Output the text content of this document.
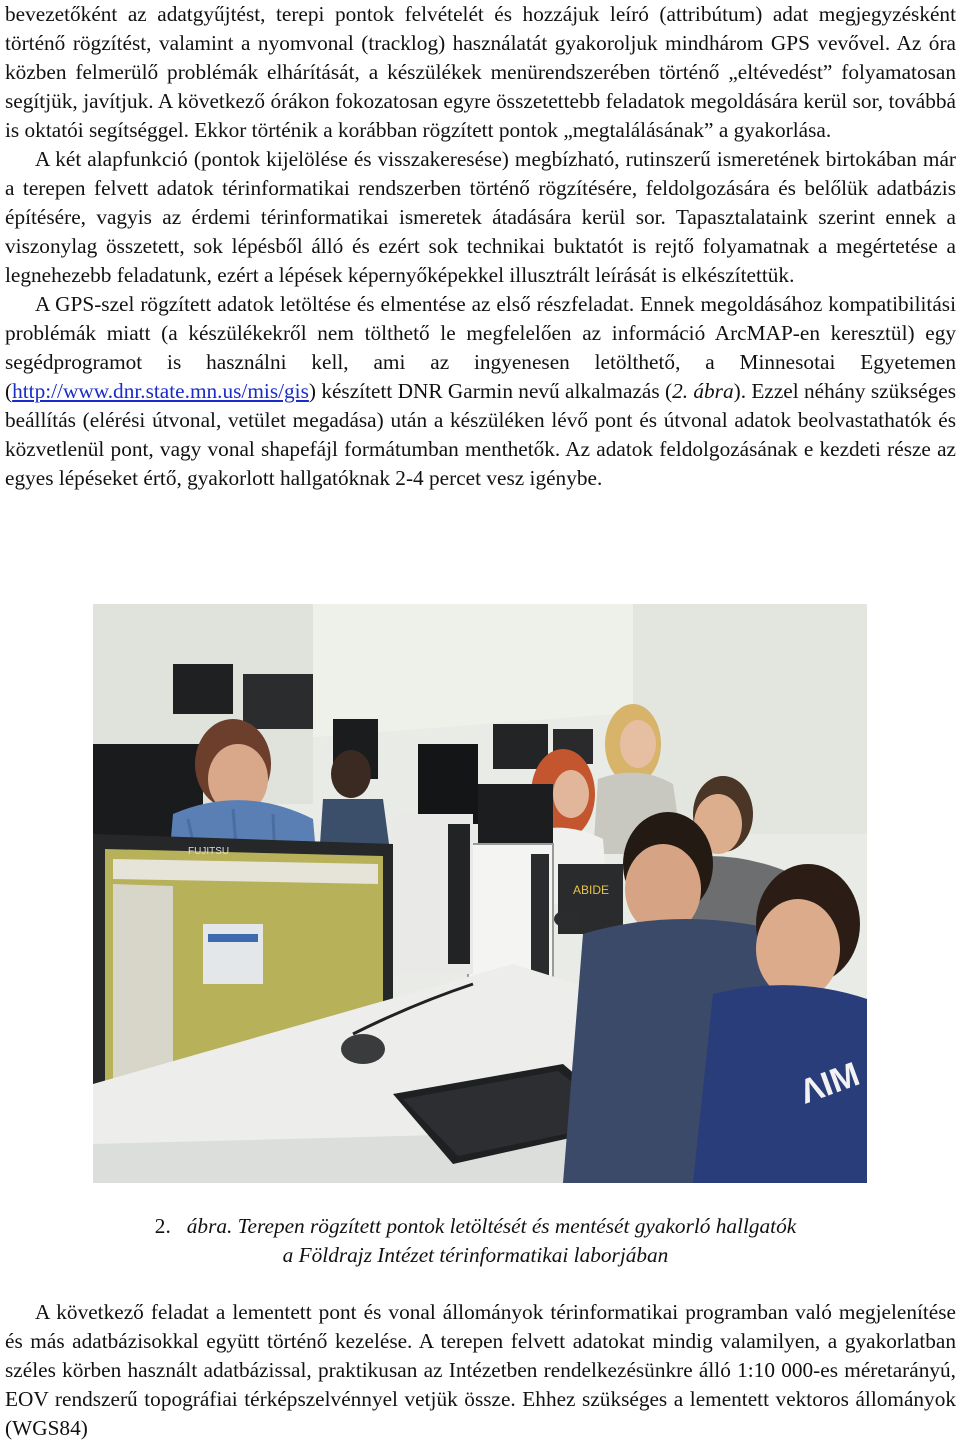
bevezetőként az adatgyűjtést, terepi pontok felvételét és hozzájuk leíró (attribútum) adat megjegyzésként történő rögzítést, valamint a nyomvonal (tracklog) használatát gyakoroljuk mindhárom GPS vevővel. Az óra közben felmerülő problémák elhárítását, a készülékek menürendszerében történő „eltévedést” folyamatosan segítjük, javítjuk. A következő órákon fokozatosan egyre összetettebb feladatok megoldására kerül sor, továbbá is oktatói segítséggel. Ekkor történik a korábban rögzített pontok „megtalálásának” a gyakorlása.

A két alapfunkció (pontok kijelölése és visszakeresése) megbízható, rutinszerű ismeretének birtokában már a terepen felvett adatok térinformatikai rendszerben történő rögzítésére, feldolgozására és belőlük adatbázis építésére, vagyis az érdemi térinformatikai ismeretek átadására kerül sor. Tapasztalataink szerint ennek a viszonylag összetett, sok lépésből álló és ezért sok technikai buktatót is rejtő folyamatnak a megértetése a legnehezebb feladatunk, ezért a lépések képernyőképekkel illusztrált leírását is elkészítettük.

A GPS-szel rögzített adatok letöltése és elmentése az első részfeladat. Ennek megoldásához kompatibilitási problémák miatt (a készülékekről nem tölthető le megfelelően az információ ArcMAP-en keresztül) egy segédprogramot is használni kell, ami az ingyenesen letölthető, a Minnesotai Egyetemen (http://www.dnr.state.mn.us/mis/gis) készített DNR Garmin nevű alkalmazás (2. ábra). Ezzel néhány szükséges beállítás (elérési útvonal, vetület megadása) után a készüléken lévő pont és útvonal adatok beolvastathatók és közvetlenül pont, vagy vonal shapefájl formátumban menthetők. Az adatok feldolgozásának e kezdeti része az egyes lépéseket értő, gyakorlott hallgatóknak 2-4 percet vesz igénybe.

ABIDE
FUJITSU
ΛIM
2. ábra. Terepen rögzített pontok letöltését és mentését gyakorló hallgatók
a Földrajz Intézet térinformatikai laborjában

A következő feladat a lementett pont és vonal állományok térinformatikai programban való megjelenítése és más adatbázisokkal együtt történő kezelése. A terepen felvett adatokat mindig valamilyen, a gyakorlatban széles körben használt adatbázissal, praktikusan az Intézetben rendelkezésünkre álló 1:10 000-es méretarányú, EOV rendszerű topográfiai térképszelvénnyel vetjük össze. Ehhez szükséges a lementett vektoros állományok (WGS84)
